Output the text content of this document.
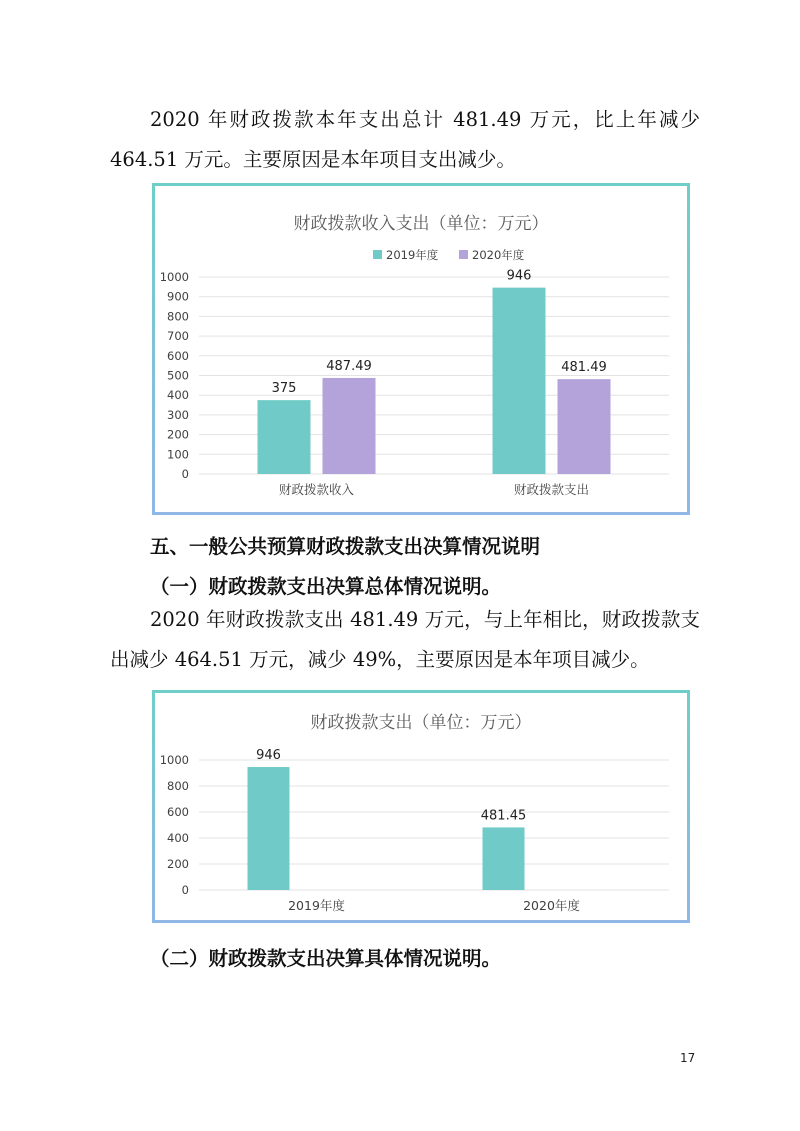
2020 年财政拨款本年支出总计 481.49 万元，比上年减少 464.51 万元。主要原因是本年项目支出减少。
财政拨款收入支出（单位：万元）
0
100
200
300
400
500
600
700
800
900
1000
财政拨款收入
375
487.49
财政拨款支出
946
481.49
2019年度	2020年度
五、一般公共预算财政拨款支出决算情况说明
（一）财政拨款支出决算总体情况说明。
2020 年财政拨款支出 481.49 万元，与上年相比，财政拨款支出减少 464.51 万元，减少 49%，主要原因是本年项目减少。
财政拨款支出（单位：万元）
0
200
400
600
800
1000
2019年度
946
2020年度
481.45
（二）财政拨款支出决算具体情况说明。
17
